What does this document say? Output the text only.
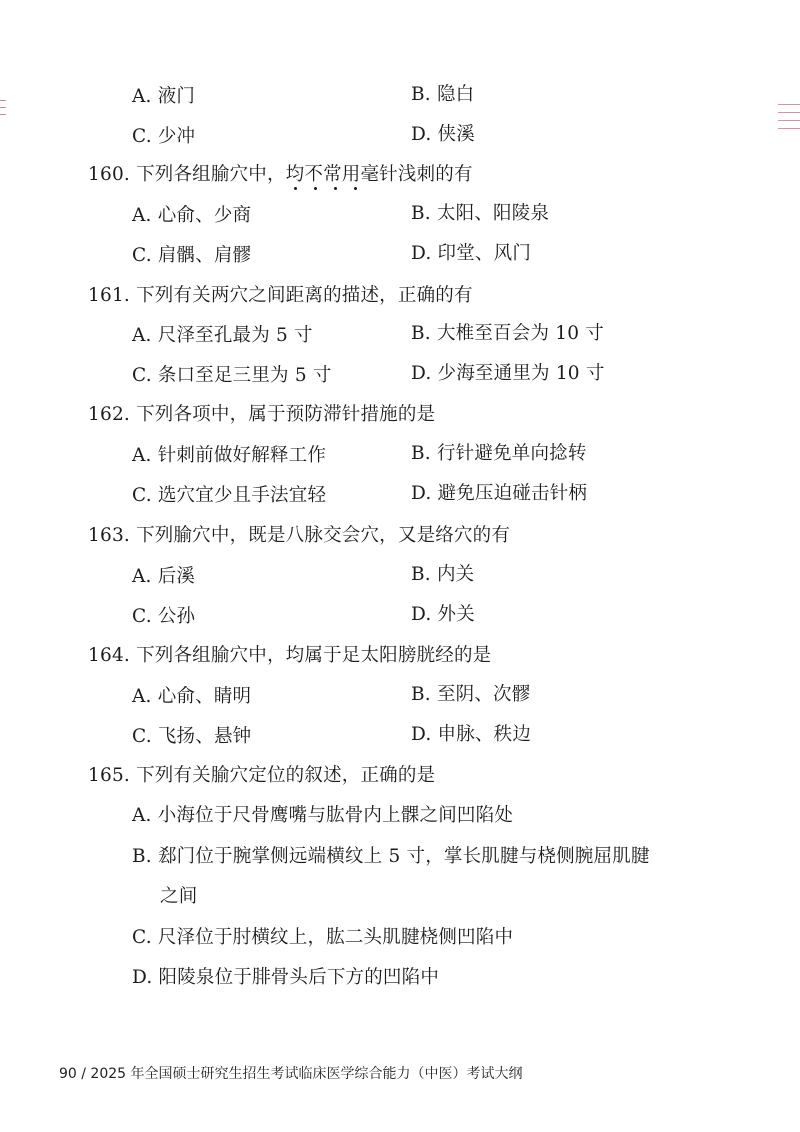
A. 液门	B. 隐白
C. 少冲	D. 侠溪
160. 下列各组腧穴中，均不常用毫针浅刺的有
A. 心俞、少商	B. 太阳、阳陵泉
C. 肩髃、肩髎	D. 印堂、风门
161. 下列有关两穴之间距离的描述，正确的有
A. 尺泽至孔最为 5 寸	B. 大椎至百会为 10 寸
C. 条口至足三里为 5 寸	D. 少海至通里为 10 寸
162. 下列各项中，属于预防滞针措施的是
A. 针刺前做好解释工作	B. 行针避免单向捻转
C. 选穴宜少且手法宜轻	D. 避免压迫碰击针柄
163. 下列腧穴中，既是八脉交会穴，又是络穴的有
A. 后溪	B. 内关
C. 公孙	D. 外关
164. 下列各组腧穴中，均属于足太阳膀胱经的是
A. 心俞、睛明	B. 至阴、次髎
C. 飞扬、悬钟	D. 申脉、秩边
165. 下列有关腧穴定位的叙述，正确的是
A. 小海位于尺骨鹰嘴与肱骨内上髁之间凹陷处
B. 郄门位于腕掌侧远端横纹上 5 寸，掌长肌腱与桡侧腕屈肌腱
之间
C. 尺泽位于肘横纹上，肱二头肌腱桡侧凹陷中
D. 阳陵泉位于腓骨头后下方的凹陷中
90 / 2025 年全国硕士研究生招生考试临床医学综合能力（中医）考试大纲
